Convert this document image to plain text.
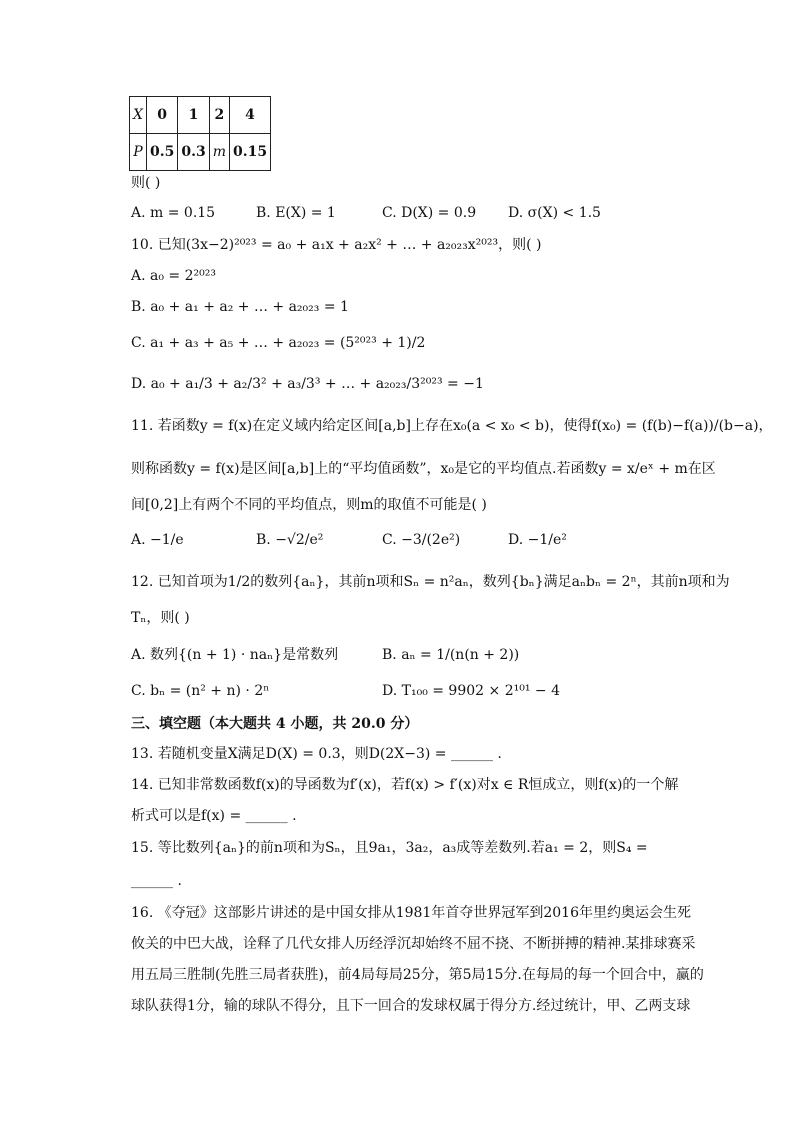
X	0	1	2	4
P	0.5	0.3	m	0.15
则( )
A. m = 0.15	B. E(X) = 1	C. D(X) = 0.9 D. σ(X) < 1.5
10. 已知(3x−2)²⁰²³ = a₀ + a₁x + a₂x² + … + a₂₀₂₃x²⁰²³，则( )
A. a₀ = 2²⁰²³
B. a₀ + a₁ + a₂ + … + a₂₀₂₃ = 1
C. a₁ + a₃ + a₅ + … + a₂₀₂₃ = (5²⁰²³ + 1)/2
D. a₀ + a₁/3 + a₂/3² + a₃/3³ + … + a₂₀₂₃/3²⁰²³ = −1
11. 若函数y = f(x)在定义域内给定区间[a,b]上存在x₀(a < x₀ < b)，使得f(x₀) = (f(b)−f(a))/(b−a)，
则称函数y = f(x)是区间[a,b]上的“平均值函数”，x₀是它的平均值点.若函数y = x/eˣ + m在区
间[0,2]上有两个不同的平均值点，则m的取值不可能是( )
A. −1/e	B. −√2/e²	C. −3/(2e²)	D. −1/e²
12. 已知首项为1/2的数列{aₙ}，其前n项和Sₙ = n²aₙ，数列{bₙ}满足aₙbₙ = 2ⁿ，其前n项和为
Tₙ，则( )
A. 数列{(n + 1) · naₙ}是常数列	B. aₙ = 1/(n(n + 2))
C. bₙ = (n² + n) · 2ⁿ	D. T₁₀₀ = 9902 × 2¹⁰¹ − 4
三、填空题（本大题共 4 小题，共 20.0 分）
13. 若随机变量X满足D(X) = 0.3，则D(2X−3) = ______ .
14. 已知非常数函数f(x)的导函数为f′(x)，若f(x) > f′(x)对x ∈ R恒成立，则f(x)的一个解
析式可以是f(x) = ______ .
15. 等比数列{aₙ}的前n项和为Sₙ，且9a₁，3a₂，a₃成等差数列.若a₁ = 2，则S₄ =
______ .
16. 《夺冠》这部影片讲述的是中国女排从1981年首夺世界冠军到2016年里约奥运会生死
攸关的中巴大战，诠释了几代女排人历经浮沉却始终不屈不挠、不断拼搏的精神.某排球赛采
用五局三胜制(先胜三局者获胜)，前4局每局25分，第5局15分.在每局的每一个回合中，赢的
球队获得1分，输的球队不得分，且下一回合的发球权属于得分方.经过统计，甲、乙两支球
